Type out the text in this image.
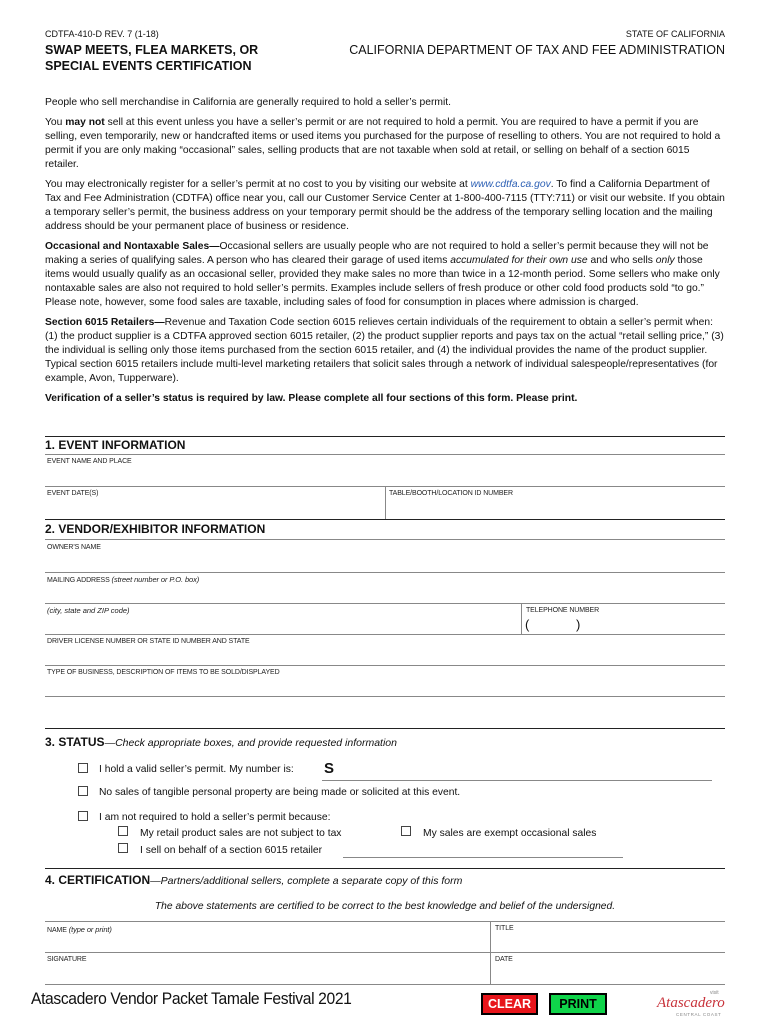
CDTFA-410-D REV. 7 (1-18)	STATE OF CALIFORNIA
SWAP MEETS, FLEA MARKETS, OR
SPECIAL EVENTS CERTIFICATION
CALIFORNIA DEPARTMENT OF TAX AND FEE ADMINISTRATION

People who sell merchandise in California are generally required to hold a seller’s permit.

You may not sell at this event unless you have a seller’s permit or are not required to hold a permit. You are required to have a permit if you are selling, even temporarily, new or handcrafted items or used items you purchased for the purpose of reselling to others. You are not required to hold a permit if you are only making “occasional” sales, selling products that are not taxable when sold at retail, or selling on behalf of a section 6015 retailer.

You may electronically register for a seller’s permit at no cost to you by visiting our website at www.cdtfa.ca.gov. To find a California Department of Tax and Fee Administration (CDTFA) office near you, call our Customer Service Center at 1-800-400-7115 (TTY:711) or visit our website. If you obtain a temporary seller’s permit, the business address on your temporary permit should be the address of the temporary selling location and the mailing address should be your permanent place of business or residence.

Occasional and Nontaxable Sales—Occasional sellers are usually people who are not required to hold a seller’s permit because they will not be making a series of qualifying sales. A person who has cleared their garage of used items accumulated for their own use and who sells only those items would usually qualify as an occasional seller, provided they make sales no more than twice in a 12-month period. Some sellers who make only nontaxable sales are also not required to hold seller’s permits. Examples include sellers of fresh produce or other cold food products sold “to go.” Please note, however, some food sales are taxable, including sales of food for consumption in places where admission is charged.

Section 6015 Retailers—Revenue and Taxation Code section 6015 relieves certain individuals of the requirement to obtain a seller’s permit when: (1) the product supplier is a CDTFA approved section 6015 retailer, (2) the product supplier reports and pays tax on the actual “retail selling price,” (3) the individual is selling only those items purchased from the section 6015 retailer, and (4) the individual provides the name of the product supplier. Typical section 6015 retailers include multi-level marketing retailers that solicit sales through a network of individual salespeople/representatives (for example, Avon, Tupperware).

Verification of a seller’s status is required by law. Please complete all four sections of this form. Please print.

1. EVENT INFORMATION
EVENT NAME AND PLACE
EVENT DATE(S)	TABLE/BOOTH/LOCATION ID NUMBER
2. VENDOR/EXHIBITOR INFORMATION
OWNER'S NAME
MAILING ADDRESS (street number or P.O. box)
(city, state and ZIP code)	TELEPHONE NUMBER
(	)
DRIVER LICENSE NUMBER OR STATE ID NUMBER AND STATE
TYPE OF BUSINESS, DESCRIPTION OF ITEMS TO BE SOLD/DISPLAYED
3. STATUS—Check appropriate boxes, and provide requested information
I hold a valid seller’s permit. My number is: S
No sales of tangible personal property are being made or solicited at this event.
I am not required to hold a seller’s permit because:
My retail product sales are not subject to tax	My sales are exempt occasional sales
I sell on behalf of a section 6015 retailer
4. CERTIFICATION—Partners/additional sellers, complete a separate copy of this form
The above statements are certified to be correct to the best knowledge and belief of the undersigned.
NAME (type or print)	TITLE
SIGNATURE	DATE
Atascadero Vendor Packet Tamale Festival 2021	CLEAR	PRINT
visit
Atascadero
CENTRAL COAST
